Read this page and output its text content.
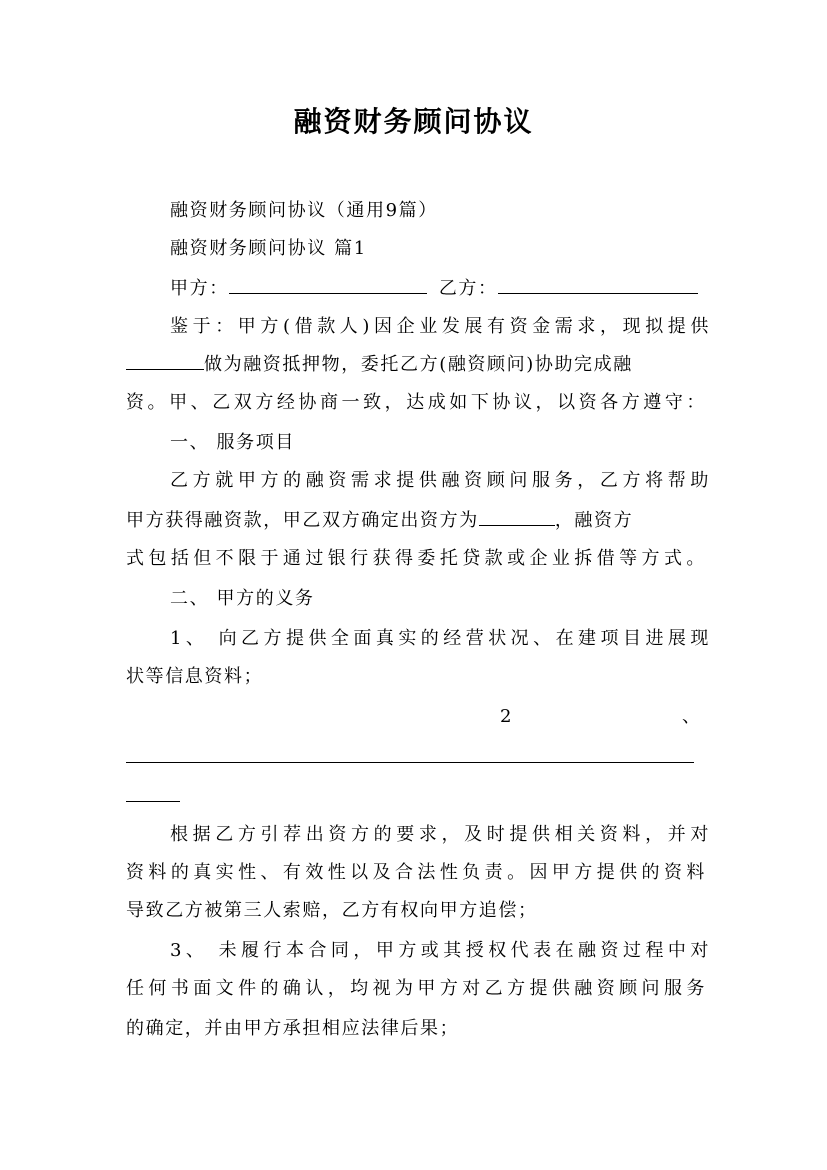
融资财务顾问协议
融资财务顾问协议（通用9篇）
融资财务顾问协议 篇1
甲方：	乙方：
鉴于：甲方(借款人)因企业发展有资金需求，现拟提供
做为融资抵押物，委托乙方(融资顾问)协助完成融
资。甲、乙双方经协商一致，达成如下协议，以资各方遵守：
一、 服务项目
乙方就甲方的融资需求提供融资顾问服务，乙方将帮助
甲方获得融资款，甲乙双方确定出资方为	，融资方
式包括但不限于通过银行获得委托贷款或企业拆借等方式。
二、 甲方的义务
1、 向乙方提供全面真实的经营状况、在建项目进展现
状等信息资料；
2	、
根据乙方引荐出资方的要求，及时提供相关资料，并对
资料的真实性、有效性以及合法性负责。因甲方提供的资料
导致乙方被第三人索赔，乙方有权向甲方追偿；
3、 未履行本合同，甲方或其授权代表在融资过程中对
任何书面文件的确认，均视为甲方对乙方提供融资顾问服务
的确定，并由甲方承担相应法律后果；
